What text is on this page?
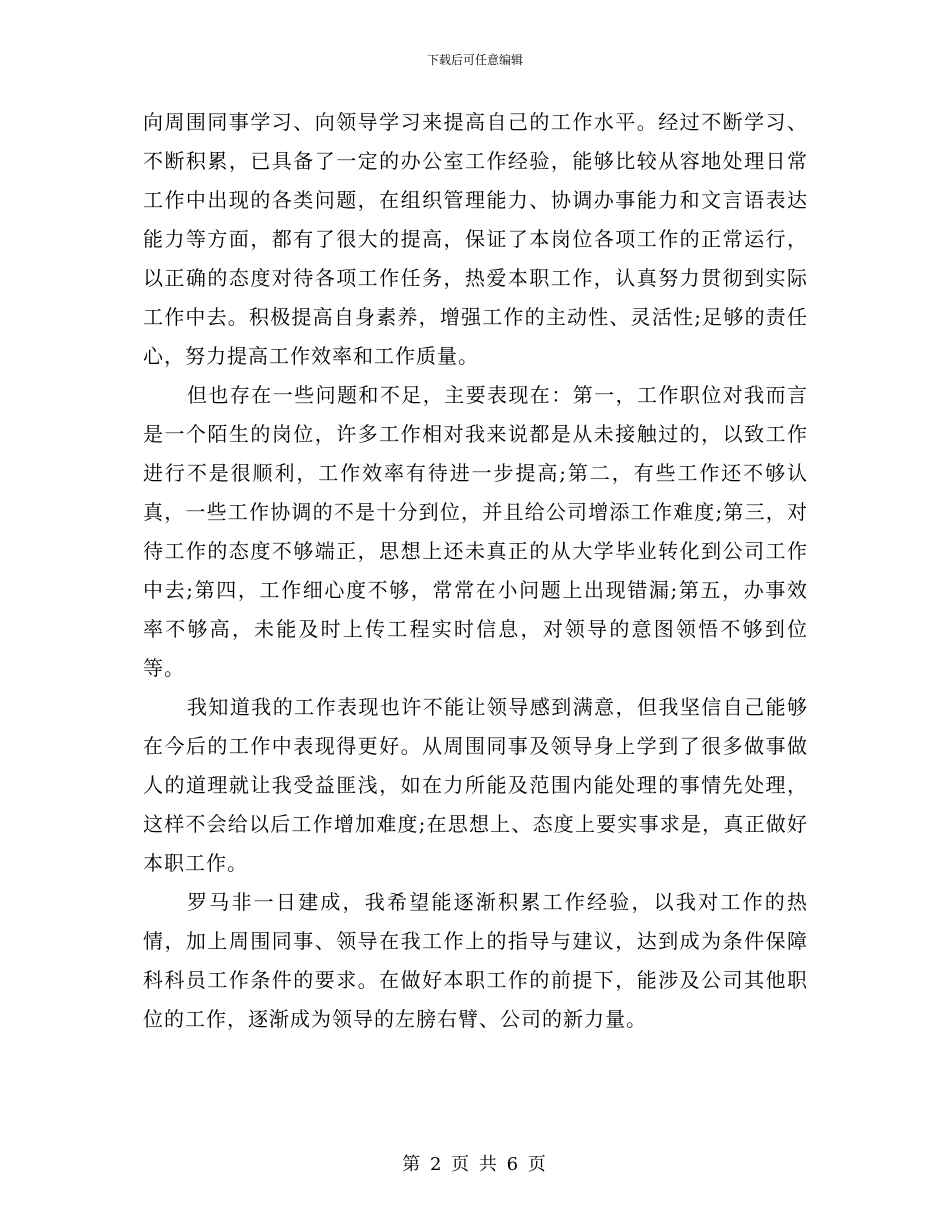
下载后可任意编辑

向周围同事学习、向领导学习来提高自己的工作水平。经过不断学习、不断积累，已具备了一定的办公室工作经验，能够比较从容地处理日常工作中出现的各类问题，在组织管理能力、协调办事能力和文言语表达能力等方面，都有了很大的提高，保证了本岗位各项工作的正常运行，以正确的态度对待各项工作任务，热爱本职工作，认真努力贯彻到实际工作中去。积极提高自身素养，增强工作的主动性、灵活性;足够的责任心，努力提高工作效率和工作质量。

但也存在一些问题和不足，主要表现在：第一，工作职位对我而言是一个陌生的岗位，许多工作相对我来说都是从未接触过的，以致工作进行不是很顺利，工作效率有待进一步提高;第二，有些工作还不够认真，一些工作协调的不是十分到位，并且给公司增添工作难度;第三，对待工作的态度不够端正，思想上还未真正的从大学毕业转化到公司工作中去;第四，工作细心度不够，常常在小问题上出现错漏;第五，办事效率不够高，未能及时上传工程实时信息，对领导的意图领悟不够到位等。

我知道我的工作表现也许不能让领导感到满意，但我坚信自己能够在今后的工作中表现得更好。从周围同事及领导身上学到了很多做事做人的道理就让我受益匪浅，如在力所能及范围内能处理的事情先处理，这样不会给以后工作增加难度;在思想上、态度上要实事求是，真正做好本职工作。

罗马非一日建成，我希望能逐渐积累工作经验，以我对工作的热情，加上周围同事、领导在我工作上的指导与建议，达到成为条件保障科科员工作条件的要求。在做好本职工作的前提下，能涉及公司其他职位的工作，逐渐成为领导的左膀右臂、公司的新力量。

第 2 页 共 6 页
